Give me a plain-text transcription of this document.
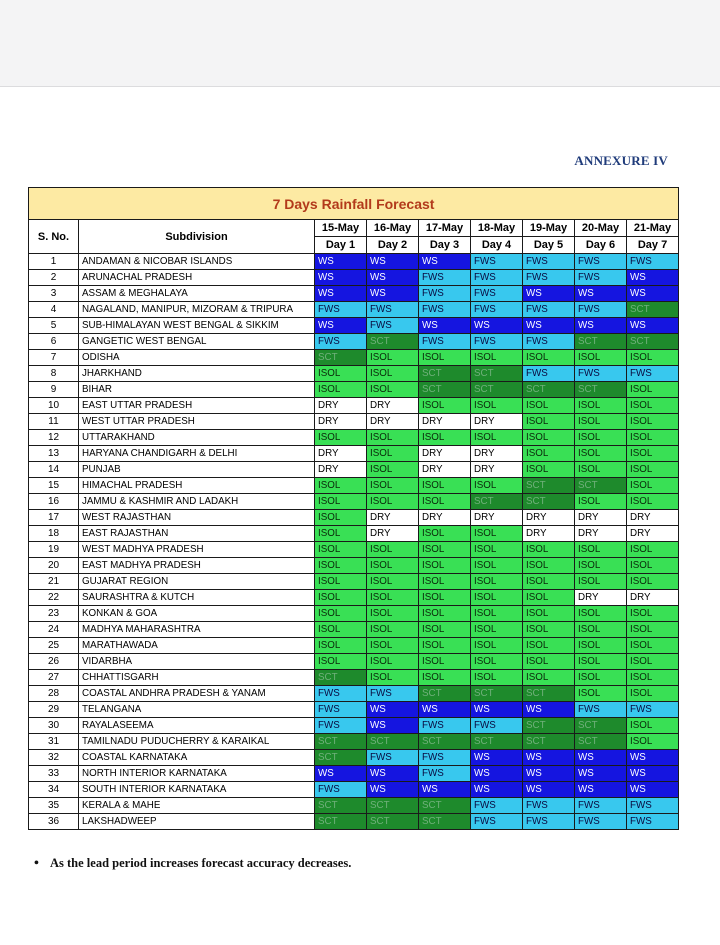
ANNEXURE IV
7 Days Rainfall Forecast								
S. No.	Subdivision	15-May	16-May	17-May	18-May	19-May	20-May	21-May
		Day 1	Day 2	Day 3	Day 4	Day 5	Day 6	Day 7
1	ANDAMAN & NICOBAR ISLANDS	WS	WS	WS	FWS	FWS	FWS	FWS
2	ARUNACHAL PRADESH	WS	WS	FWS	FWS	FWS	FWS	WS
3	ASSAM & MEGHALAYA	WS	WS	FWS	FWS	WS	WS	WS
4	NAGALAND, MANIPUR, MIZORAM & TRIPURA	FWS	FWS	FWS	FWS	FWS	FWS	SCT
5	SUB-HIMALAYAN WEST BENGAL & SIKKIM	WS	FWS	WS	WS	WS	WS	WS
6	GANGETIC WEST BENGAL	FWS	SCT	FWS	FWS	FWS	SCT	SCT
7	ODISHA	SCT	ISOL	ISOL	ISOL	ISOL	ISOL	ISOL
8	JHARKHAND	ISOL	ISOL	SCT	SCT	FWS	FWS	FWS
9	BIHAR	ISOL	ISOL	SCT	SCT	SCT	SCT	ISOL
10	EAST UTTAR PRADESH	DRY	DRY	ISOL	ISOL	ISOL	ISOL	ISOL
11	WEST UTTAR PRADESH	DRY	DRY	DRY	DRY	ISOL	ISOL	ISOL
12	UTTARAKHAND	ISOL	ISOL	ISOL	ISOL	ISOL	ISOL	ISOL
13	HARYANA CHANDIGARH & DELHI	DRY	ISOL	DRY	DRY	ISOL	ISOL	ISOL
14	PUNJAB	DRY	ISOL	DRY	DRY	ISOL	ISOL	ISOL
15	HIMACHAL PRADESH	ISOL	ISOL	ISOL	ISOL	SCT	SCT	ISOL
16	JAMMU & KASHMIR AND LADAKH	ISOL	ISOL	ISOL	SCT	SCT	ISOL	ISOL
17	WEST RAJASTHAN	ISOL	DRY	DRY	DRY	DRY	DRY	DRY
18	EAST RAJASTHAN	ISOL	DRY	ISOL	ISOL	DRY	DRY	DRY
19	WEST MADHYA PRADESH	ISOL	ISOL	ISOL	ISOL	ISOL	ISOL	ISOL
20	EAST MADHYA PRADESH	ISOL	ISOL	ISOL	ISOL	ISOL	ISOL	ISOL
21	GUJARAT REGION	ISOL	ISOL	ISOL	ISOL	ISOL	ISOL	ISOL
22	SAURASHTRA & KUTCH	ISOL	ISOL	ISOL	ISOL	ISOL	DRY	DRY
23	KONKAN & GOA	ISOL	ISOL	ISOL	ISOL	ISOL	ISOL	ISOL
24	MADHYA MAHARASHTRA	ISOL	ISOL	ISOL	ISOL	ISOL	ISOL	ISOL
25	MARATHAWADA	ISOL	ISOL	ISOL	ISOL	ISOL	ISOL	ISOL
26	VIDARBHA	ISOL	ISOL	ISOL	ISOL	ISOL	ISOL	ISOL
27	CHHATTISGARH	SCT	ISOL	ISOL	ISOL	ISOL	ISOL	ISOL
28	COASTAL ANDHRA PRADESH & YANAM	FWS	FWS	SCT	SCT	SCT	ISOL	ISOL
29	TELANGANA	FWS	WS	WS	WS	WS	FWS	FWS
30	RAYALASEEMA	FWS	WS	FWS	FWS	SCT	SCT	ISOL
31	TAMILNADU PUDUCHERRY & KARAIKAL	SCT	SCT	SCT	SCT	SCT	SCT	ISOL
32	COASTAL KARNATAKA	SCT	FWS	FWS	WS	WS	WS	WS
33	NORTH INTERIOR KARNATAKA	WS	WS	FWS	WS	WS	WS	WS
34	SOUTH INTERIOR KARNATAKA	FWS	WS	WS	WS	WS	WS	WS
35	KERALA & MAHE	SCT	SCT	SCT	FWS	FWS	FWS	FWS
36	LAKSHADWEEP	SCT	SCT	SCT	FWS	FWS	FWS	FWS
• As the lead period increases forecast accuracy decreases.
